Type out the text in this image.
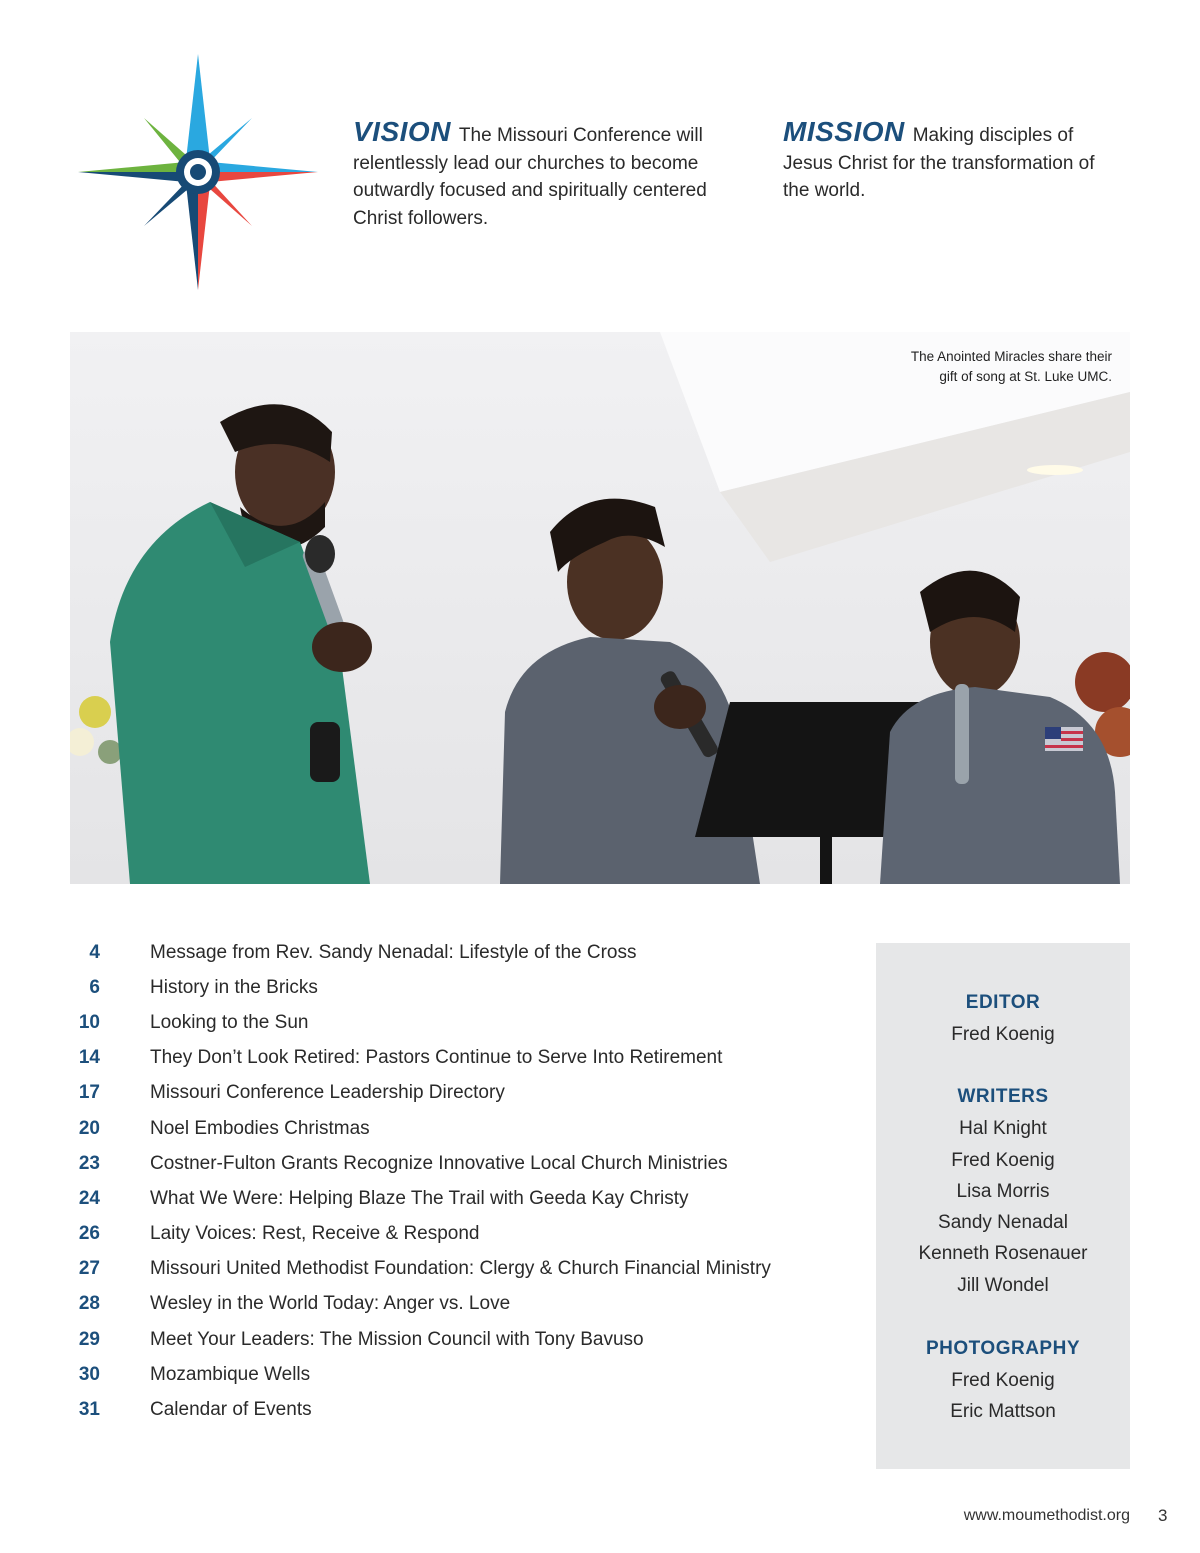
VISION The Missouri Conference will relentlessly lead our churches to become outwardly focused and spiritually centered Christ followers.
MISSION Making disciples of Jesus Christ for the transformation of the world.
The Anointed Miracles share their
gift of song at St. Luke UMC.
4	Message from Rev. Sandy Nenadal: Lifestyle of the Cross
6	History in the Bricks
10	Looking to the Sun
14	They Don’t Look Retired: Pastors Continue to Serve Into Retirement
17	Missouri Conference Leadership Directory
20	Noel Embodies Christmas
23	Costner-Fulton Grants Recognize Innovative Local Church Ministries
24	What We Were: Helping Blaze The Trail with Geeda Kay Christy
26	Laity Voices: Rest, Receive & Respond
27	Missouri United Methodist Foundation: Clergy & Church Financial Ministry
28	Wesley in the World Today: Anger vs. Love
29	Meet Your Leaders: The Mission Council with Tony Bavuso
30	Mozambique Wells
31	Calendar of Events
EDITOR
Fred Koenig
WRITERS
Hal Knight
Fred Koenig
Lisa Morris
Sandy Nenadal
Kenneth Rosenauer
Jill Wondel
PHOTOGRAPHY
Fred Koenig
Eric Mattson
www.moumethodist.org 3
